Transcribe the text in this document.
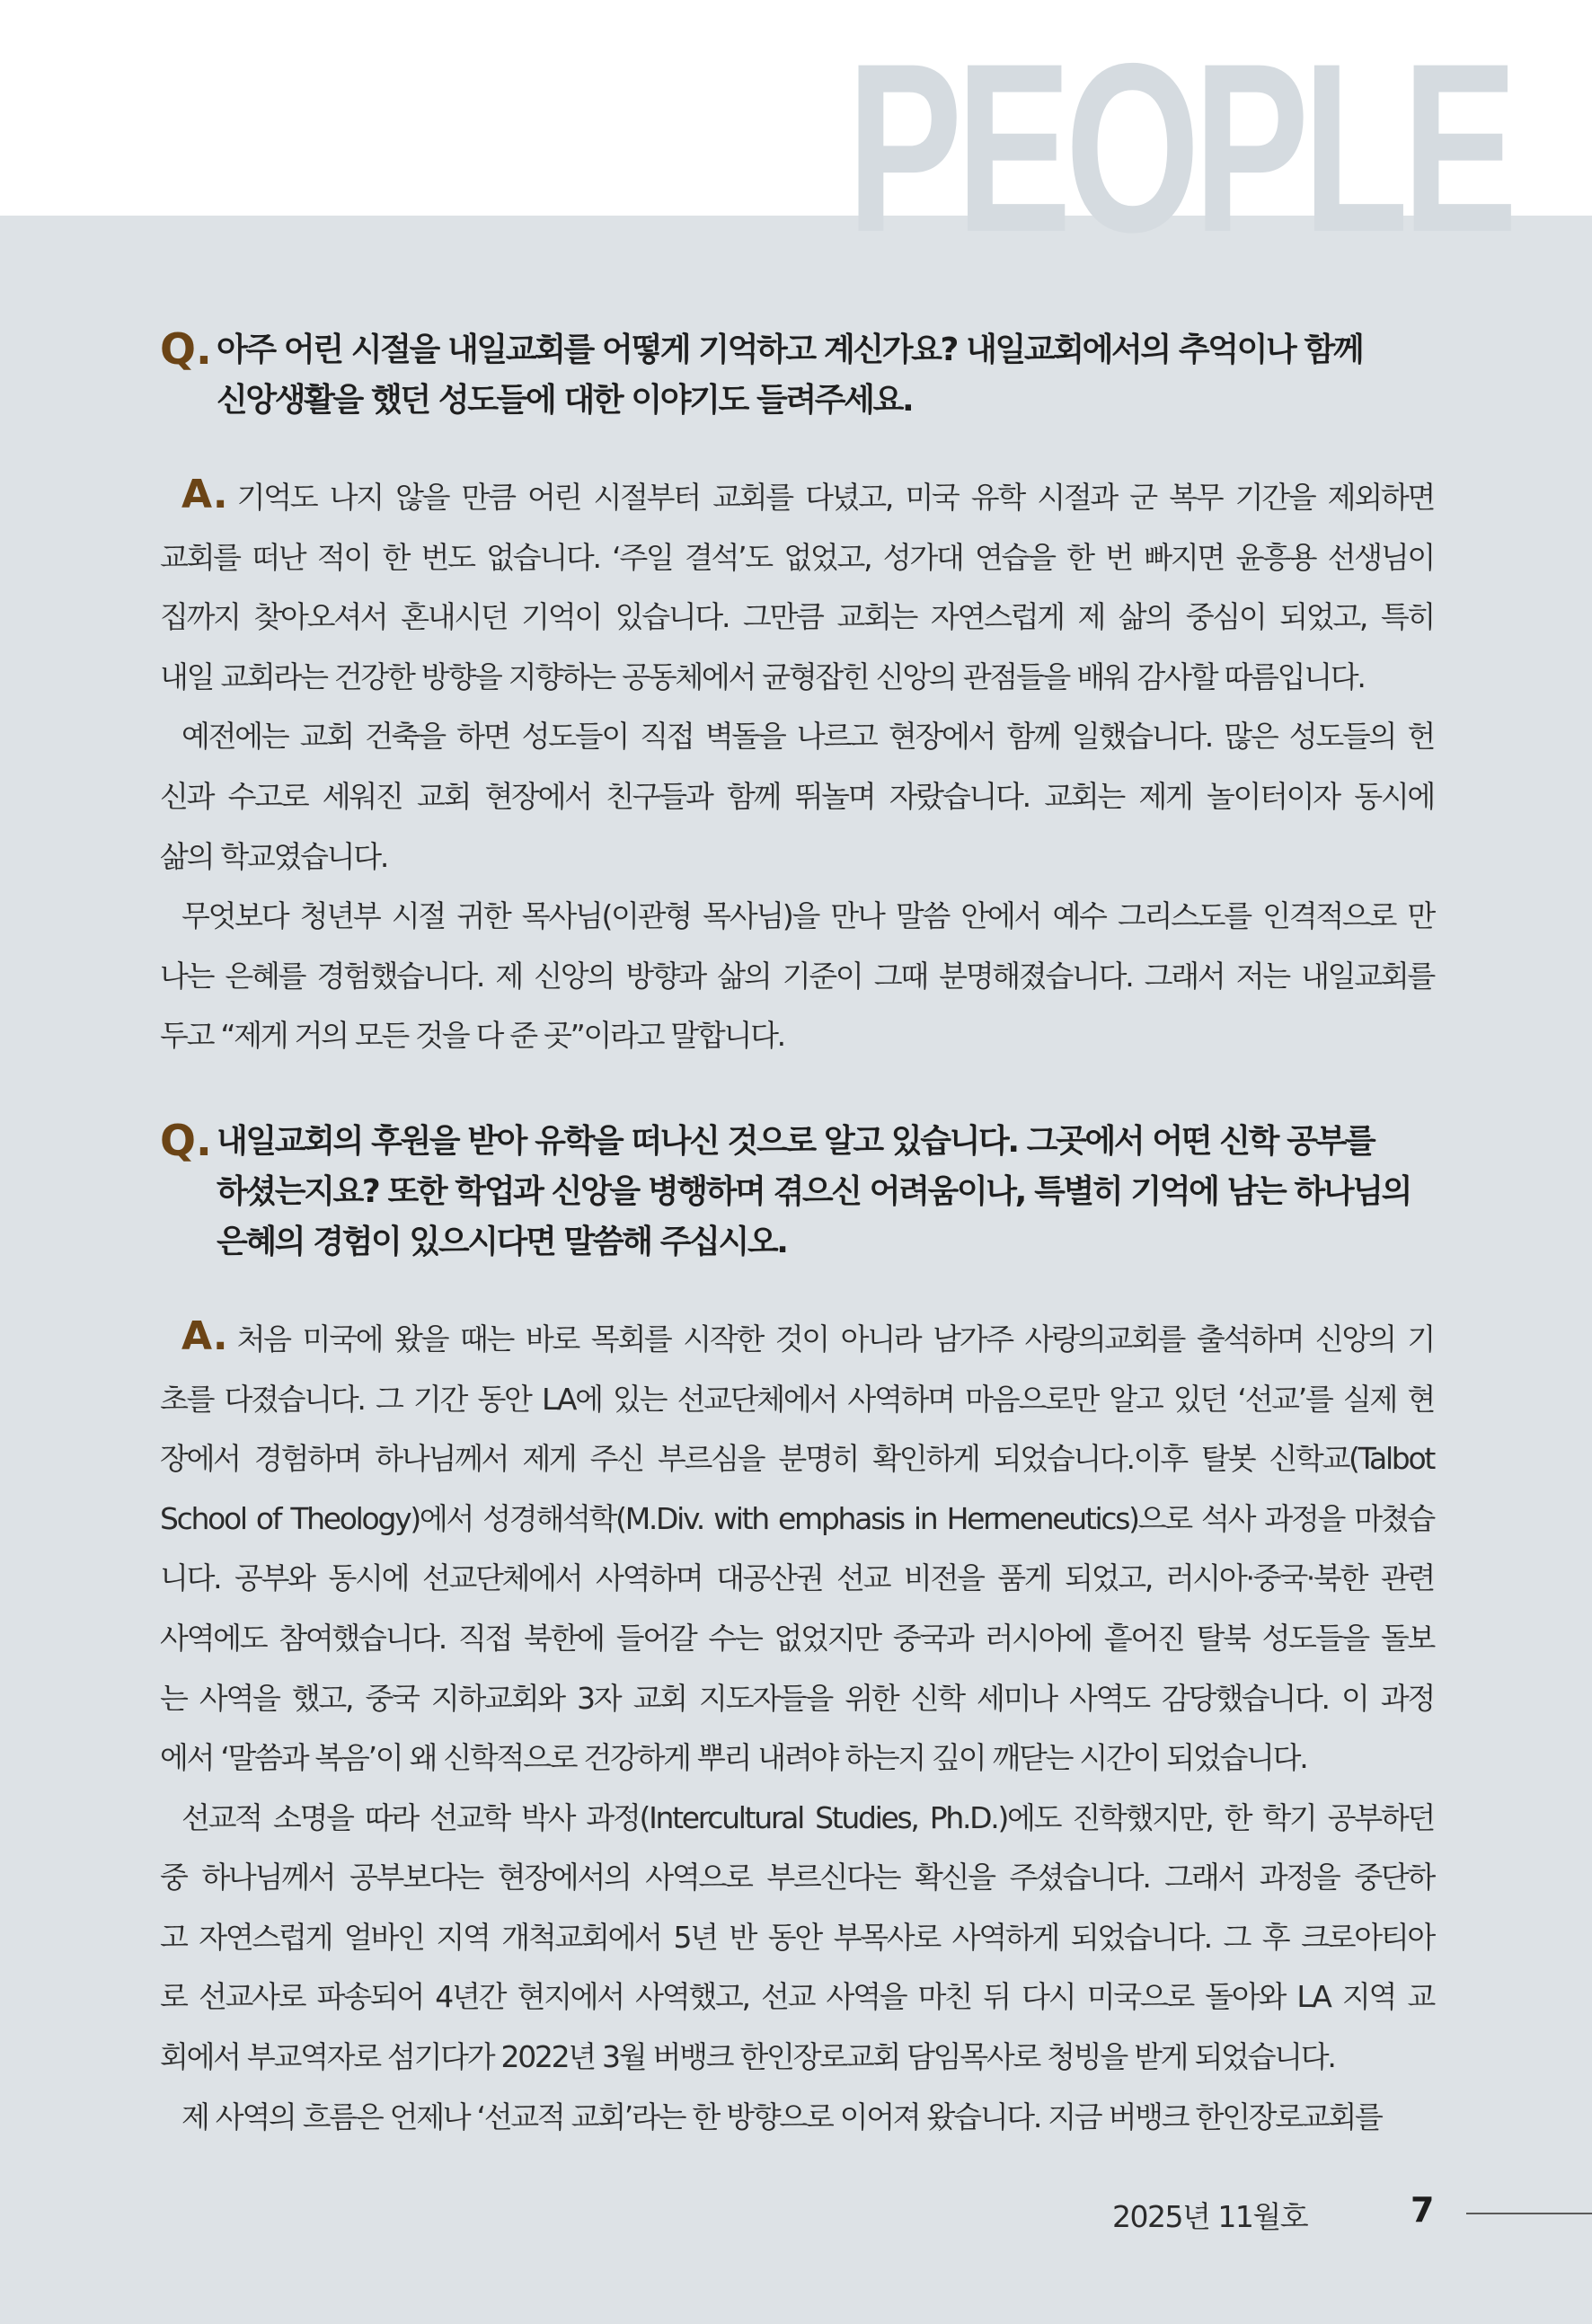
PEOPLE
Q. 아주 어린 시절을 내일교회를 어떻게 기억하고 계신가요? 내일교회에서의 추억이나 함께
신앙생활을 했던 성도들에 대한 이야기도 들려주세요.
A. 기억도 나지 않을 만큼 어린 시절부터 교회를 다녔고, 미국 유학 시절과 군 복무 기간을 제외하면
교회를 떠난 적이 한 번도 없습니다. ‘주일 결석’도 없었고, 성가대 연습을 한 번 빠지면 윤흥용 선생님이
집까지 찾아오셔서 혼내시던 기억이 있습니다. 그만큼 교회는 자연스럽게 제 삶의 중심이 되었고, 특히
내일 교회라는 건강한 방향을 지향하는 공동체에서 균형잡힌 신앙의 관점들을 배워 감사할 따름입니다.
예전에는 교회 건축을 하면 성도들이 직접 벽돌을 나르고 현장에서 함께 일했습니다. 많은 성도들의 헌
신과 수고로 세워진 교회 현장에서 친구들과 함께 뛰놀며 자랐습니다. 교회는 제게 놀이터이자 동시에
삶의 학교였습니다.
무엇보다 청년부 시절 귀한 목사님(이관형 목사님)을 만나 말씀 안에서 예수 그리스도를 인격적으로 만
나는 은혜를 경험했습니다. 제 신앙의 방향과 삶의 기준이 그때 분명해졌습니다. 그래서 저는 내일교회를
두고 “제게 거의 모든 것을 다 준 곳”이라고 말합니다.
Q. 내일교회의 후원을 받아 유학을 떠나신 것으로 알고 있습니다. 그곳에서 어떤 신학 공부를
하셨는지요? 또한 학업과 신앙을 병행하며 겪으신 어려움이나, 특별히 기억에 남는 하나님의
은혜의 경험이 있으시다면 말씀해 주십시오.
A. 처음 미국에 왔을 때는 바로 목회를 시작한 것이 아니라 남가주 사랑의교회를 출석하며 신앙의 기
초를 다졌습니다. 그 기간 동안 LA에 있는 선교단체에서 사역하며 마음으로만 알고 있던 ‘선교’를 실제 현
장에서 경험하며 하나님께서 제게 주신 부르심을 분명히 확인하게 되었습니다.이후 탈봇 신학교(Talbot
School of Theology)에서 성경해석학(M.Div. with emphasis in Hermeneutics)으로 석사 과정을 마쳤습
니다. 공부와 동시에 선교단체에서 사역하며 대공산권 선교 비전을 품게 되었고, 러시아·중국·북한 관련
사역에도 참여했습니다. 직접 북한에 들어갈 수는 없었지만 중국과 러시아에 흩어진 탈북 성도들을 돌보
는 사역을 했고, 중국 지하교회와 3자 교회 지도자들을 위한 신학 세미나 사역도 감당했습니다. 이 과정
에서 ‘말씀과 복음’이 왜 신학적으로 건강하게 뿌리 내려야 하는지 깊이 깨닫는 시간이 되었습니다.
선교적 소명을 따라 선교학 박사 과정(Intercultural Studies, Ph.D.)에도 진학했지만, 한 학기 공부하던
중 하나님께서 공부보다는 현장에서의 사역으로 부르신다는 확신을 주셨습니다. 그래서 과정을 중단하
고 자연스럽게 얼바인 지역 개척교회에서 5년 반 동안 부목사로 사역하게 되었습니다. 그 후 크로아티아
로 선교사로 파송되어 4년간 현지에서 사역했고, 선교 사역을 마친 뒤 다시 미국으로 돌아와 LA 지역 교
회에서 부교역자로 섬기다가 2022년 3월 버뱅크 한인장로교회 담임목사로 청빙을 받게 되었습니다.
제 사역의 흐름은 언제나 ‘선교적 교회’라는 한 방향으로 이어져 왔습니다. 지금 버뱅크 한인장로교회를
2025년 11월호	7
